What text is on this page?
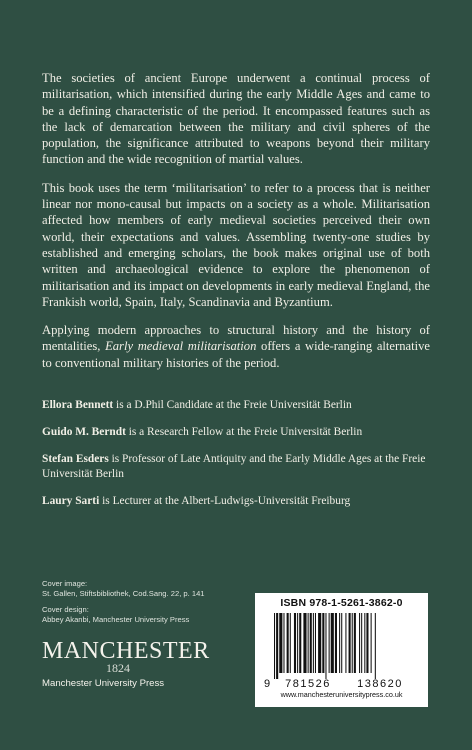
The societies of ancient Europe underwent a continual process of militarisation, which intensified during the early Middle Ages and came to be a defining characteristic of the period. It encompassed features such as the lack of demarcation between the military and civil spheres of the population, the significance attributed to weapons beyond their military function and the wide recognition of martial values.

This book uses the term ‘militarisation’ to refer to a process that is neither linear nor mono-causal but impacts on a society as a whole. Militarisation affected how members of early medieval societies perceived their own world, their expectations and values. Assembling twenty-one studies by established and emerging scholars, the book makes original use of both written and archaeological evidence to explore the phenomenon of militarisation and its impact on developments in early medieval England, the Frankish world, Spain, Italy, Scandinavia and Byzantium.

Applying modern approaches to structural history and the history of mentalities, Early medieval militarisation offers a wide-ranging alternative to conventional military histories of the period.

Ellora Bennett is a D.Phil Candidate at the Freie Universität Berlin

Guido M. Berndt is a Research Fellow at the Freie Universität Berlin

Stefan Esders is Professor of Late Antiquity and the Early Middle Ages at the Freie Universität Berlin

Laury Sarti is Lecturer at the Albert-Ludwigs-Universität Freiburg

Cover image:
St. Gallen, Stiftsbibliothek, Cod.Sang. 22, p. 141
Cover design:
Abbey Akanbi, Manchester University Press
MANCHESTER
1824
Manchester University Press
ISBN 978-1-5261-3862-0
9 781526 138620
www.manchesteruniversitypress.co.uk
